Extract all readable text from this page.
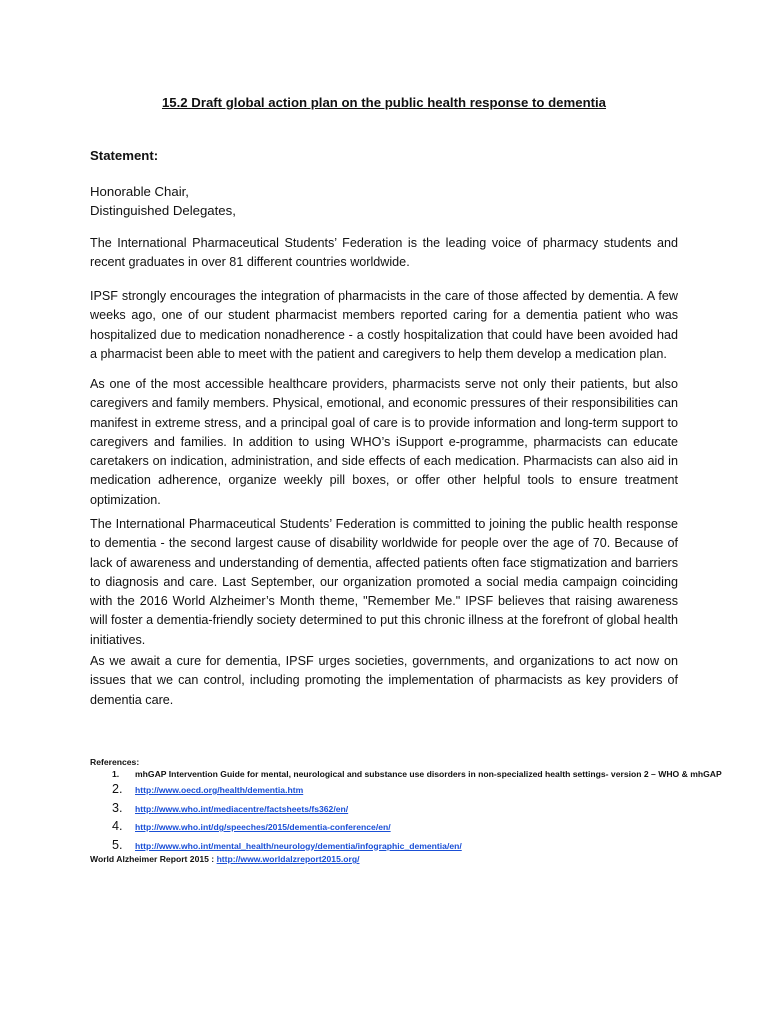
15.2 Draft global action plan on the public health response to dementia

Statement:

Honorable Chair,
Distinguished Delegates,

The International Pharmaceutical Students’ Federation is the leading voice of pharmacy students and recent graduates in over 81 different countries worldwide.

IPSF strongly encourages the integration of pharmacists in the care of those affected by dementia. A few weeks ago, one of our student pharmacist members reported caring for a dementia patient who was hospitalized due to medication nonadherence - a costly hospitalization that could have been avoided had a pharmacist been able to meet with the patient and caregivers to help them develop a medication plan.

As one of the most accessible healthcare providers, pharmacists serve not only their patients, but also caregivers and family members. Physical, emotional, and economic pressures of their responsibilities can manifest in extreme stress, and a principal goal of care is to provide information and long-term support to caregivers and families. In addition to using WHO’s iSupport e-programme, pharmacists can educate caretakers on indication, administration, and side effects of each medication. Pharmacists can also aid in medication adherence, organize weekly pill boxes, or offer other helpful tools to ensure treatment optimization.

The International Pharmaceutical Students’ Federation is committed to joining the public health response to dementia - the second largest cause of disability worldwide for people over the age of 70. Because of lack of awareness and understanding of dementia, affected patients often face stigmatization and barriers to diagnosis and care. Last September, our organization promoted a social media campaign coinciding with the 2016 World Alzheimer’s Month theme, "Remember Me." IPSF believes that raising awareness will foster a dementia-friendly society determined to put this chronic illness at the forefront of global health initiatives.

As we await a cure for dementia, IPSF urges societies, governments, and organizations to act now on issues that we can control, including promoting the implementation of pharmacists as key providers of dementia care.

References:
1. mhGAP Intervention Guide for mental, neurological and substance use disorders in non-specialized health settings- version 2 – WHO & mhGAP
2. http://www.oecd.org/health/dementia.htm
3. http://www.who.int/mediacentre/factsheets/fs362/en/
4. http://www.who.int/dg/speeches/2015/dementia-conference/en/
5. http://www.who.int/mental_health/neurology/dementia/infographic_dementia/en/
World Alzheimer Report 2015 : http://www.worldalzreport2015.org/
